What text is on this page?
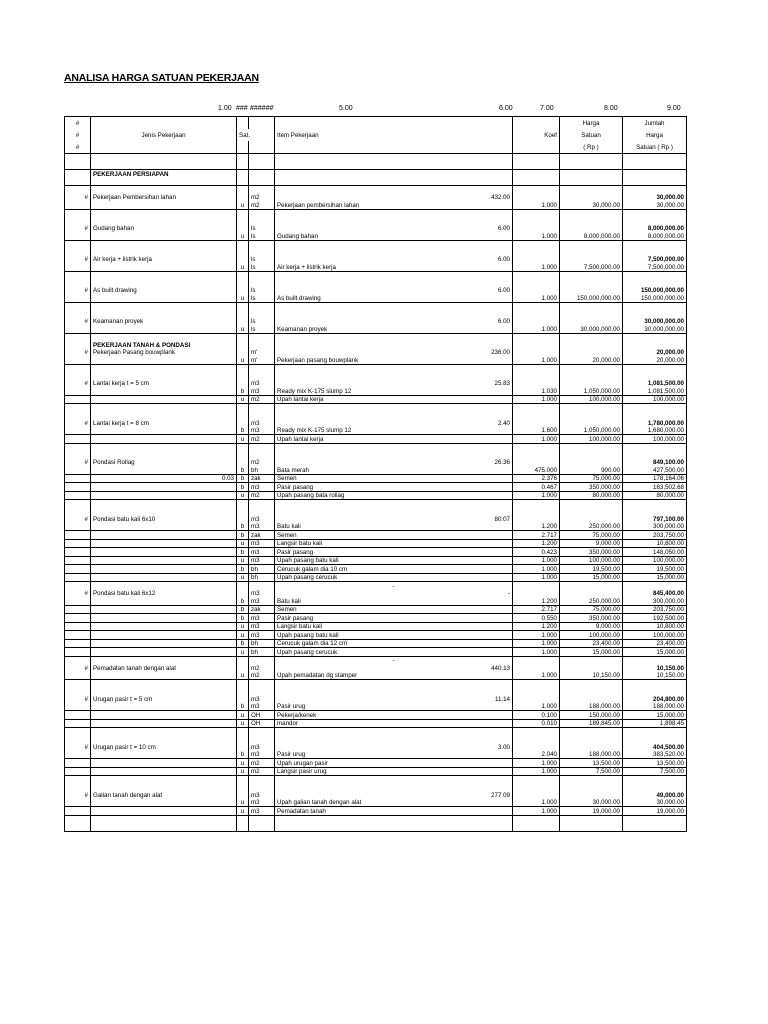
ANALISA HARGA SATUAN PEKERJAAN
1.00 ### ######	5.00	6.00	7.00	8.00	9.00
#						Harga	Jumlah
#	Jenis Pekerjaan	Sat.		Item Pekerjaan	Koef	Satuan	Harga
#						( Rp )	Satuan ( Rp )

	PEKERJAAN PERSIAPAN						

#	Pekerjaan Pembersihan lahan		m2	432.00			30,000.00
		u	m2	Pekerjaan pembersihan lahan	1.000	30,000.00	30,000.00

#	Gudang bahan		ls	6.00			8,000,000.00
		u	ls	Gudang bahan	1.000	8,000,000.00	8,000,000.00

#	Air kerja + listrik kerja		ls	6.00			7,500,000.00
		u	ls	Air kerja + listrik kerja	1.000	7,500,000.00	7,500,000.00

#	As built drawing		ls	6.00			150,000,000.00
		u	ls	As built drawing	1.000	150,000,000.00	150,000,000.00

#	Keamanan proyek		ls	6.00			30,000,000.00
		u	ls	Keamanan proyek	1.000	30,000,000.00	30,000,000.00

	PEKERJAAN TANAH & PONDASI						
#	Pekerjaan Pasang bouwplank		m'	236.00			20,000.00
		u	m'	Pekerjaan pasang bouwplank	1.000	20,000.00	20,000.00

#	Lantai kerja t = 5 cm		m3	25.83			1,081,500.00
		b	m3	Ready mix K-175 slump 12	1.030	1,050,000.00	1,081,500.00
		u	m2	Upah lantai kerja	1.000	100,000.00	100,000.00

#	Lantai kerja t = 8 cm		m3	2.40			1,780,000.00
		b	m3	Ready mix K-175 slump 12	1.600	1,050,000.00	1,680,000.00
		u	m2	Upah lantai kerja	1.000	100,000.00	100,000.00

#	Pondasi Rollag		m2	26.36			849,100.00
		b	bh	Bata merah	475.000	900.00	427,500.00
	0.03	b	zak	Semen	2.376	75,000.00	178,164.06
		b	m3	Pasir pasang	0.467	350,000.00	163,502.68
		u	m2	Upah pasang bata rollag	1.000	80,000.00	80,000.00

#	Pondasi batu kali 6x10		m3	80.07			797,100.00
		b	m3	Batu kali	1.200	250,000.00	300,000.00
		b	zak	Semen	2.717	75,000.00	203,750.00
		u	m3	Langsir batu kali	1.200	9,000.00	10,800.00
		b	m3	Pasir pasang	0.423	350,000.00	148,050.00
		u	m3	Upah pasang batu kali	1.000	100,000.00	100,000.00
		b	bh	Cerucuk galam dia 10 cm	1.000	19,500.00	19,500.00
		u	bh	Upah pasang cerucuk	1.000	15,000.00	15,000.00
				-			
#	Pondasi batu kali 6x12		m3	-			845,400.00
		b	m3	Batu kali	1.200	250,000.00	300,000.00
		b	zak	Semen	2.717	75,000.00	203,750.00
		b	m3	Pasir pasang	0.550	350,000.00	192,500.00
		u	m3	Langsir batu kali	1.200	9,000.00	10,800.00
		u	m3	Upah pasang batu kali	1.000	100,000.00	100,000.00
		b	bh	Cerucuk galam dia 12 cm	1.000	23,400.00	23,400.00
		u	bh	Upah pasang cerucuk	1.000	15,000.00	15,000.00
				-			
#	Pemadatan tanah dengan alat		m2	440.13			10,150.00
		u	m2	Upah pemadatan dg stamper	1.000	10,150.00	10,150.00

#	Urugan pasir t = 5 cm		m3	11.14			204,800.00
		b	m3	Pasir urug	1.000	188,000.00	188,000.00
		u	OH	Pekerja/kenek	0.100	150,000.00	15,000.00
		u	OH	mandor	0.010	189,845.00	1,898.45

#	Urugan pasir t = 10 cm		m3	3.00			404,500.00
		b	m3	Pasir urug	2.040	188,000.00	383,520.00
		u	m2	Upah urugan pasir	1.000	13,500.00	13,500.00
		u	m2	Langsir pasir urug	1.000	7,500.00	7,500.00

#	Galian tanah dengan alat		m3	277.09			49,000.00
		u	m3	Upah galian tanah dengan alat	1.000	30,000.00	30,000.00
		u	m3	Pemadatan tanah	1.000	19,000.00	19,000.00
